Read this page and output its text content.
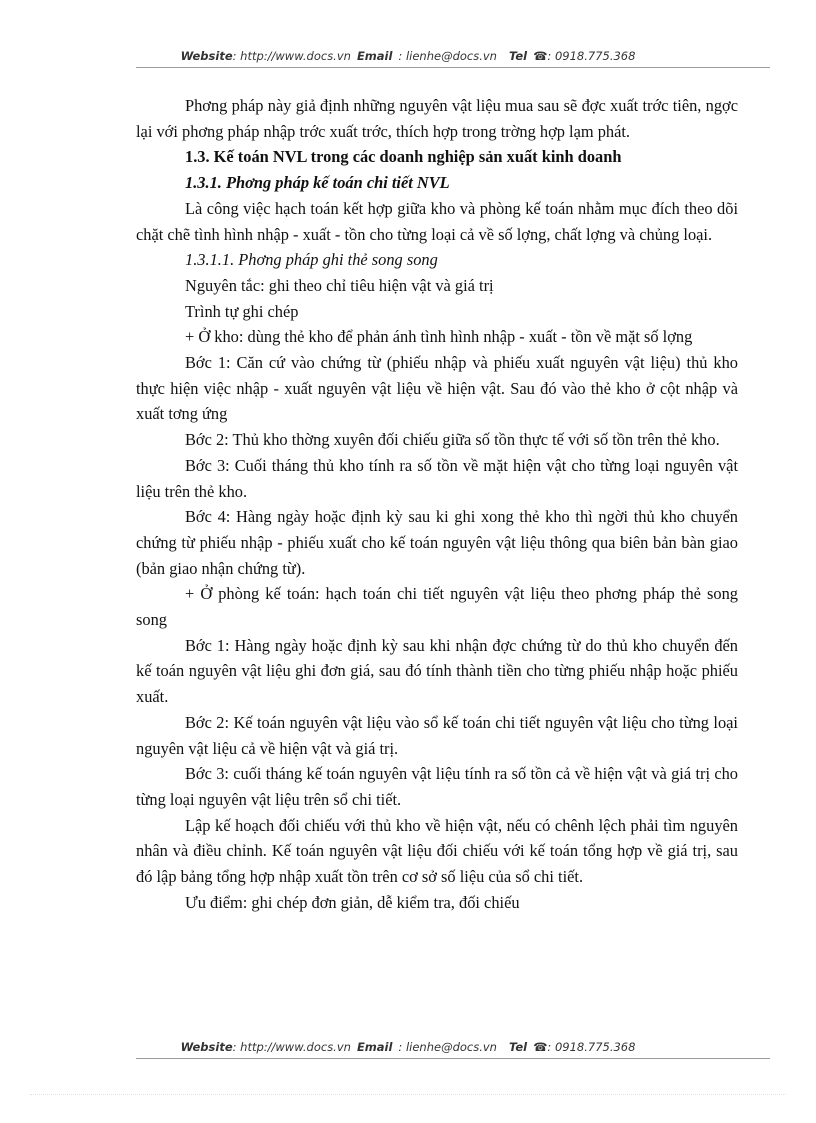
Website: http://www.docs.vn Email : lienhe@docs.vn Tel ☎: 0918.775.368

Phơng pháp này giả định những nguyên vật liệu mua sau sẽ đợc xuất trớc tiên, ngợc lại với phơng pháp nhập trớc xuất trớc, thích hợp trong trờng hợp lạm phát.

1.3. Kế toán NVL trong các doanh nghiệp sản xuất kinh doanh

1.3.1. Phơng pháp kế toán chi tiết NVL

Là công việc hạch toán kết hợp giữa kho và phòng kế toán nhằm mục đích theo dõi chặt chẽ tình hình nhập - xuất - tồn cho từng loại cả về số lợng, chất lợng và chủng loại.

1.3.1.1. Phơng pháp ghi thẻ song song

Nguyên tắc: ghi theo chỉ tiêu hiện vật và giá trị

Trình tự ghi chép

+ Ở kho: dùng thẻ kho để phản ánh tình hình nhập - xuất - tồn về mặt số lợng

Bớc 1: Căn cứ vào chứng từ (phiếu nhập và phiếu xuất nguyên vật liệu) thủ kho thực hiện việc nhập - xuất nguyên vật liệu về hiện vật. Sau đó vào thẻ kho ở cột nhập và xuất tơng ứng

Bớc 2: Thủ kho thờng xuyên đối chiếu giữa số tồn thực tế với số tồn trên thẻ kho.

Bớc 3: Cuối tháng thủ kho tính ra số tồn về mặt hiện vật cho từng loại nguyên vật liệu trên thẻ kho.

Bớc 4: Hàng ngày hoặc định kỳ sau ki ghi xong thẻ kho thì ngời thủ kho chuyển chứng từ phiếu nhập - phiếu xuất cho kế toán nguyên vật liệu thông qua biên bản bàn giao (bản giao nhận chứng từ).

+ Ở phòng kế toán: hạch toán chi tiết nguyên vật liệu theo phơng pháp thẻ song song

Bớc 1: Hàng ngày hoặc định kỳ sau khi nhận đợc chứng từ do thủ kho chuyển đến kế toán nguyên vật liệu ghi đơn giá, sau đó tính thành tiền cho từng phiếu nhập hoặc phiếu xuất.

Bớc 2: Kế toán nguyên vật liệu vào sổ kế toán chi tiết nguyên vật liệu cho từng loại nguyên vật liệu cả về hiện vật và giá trị.

Bớc 3: cuối tháng kế toán nguyên vật liệu tính ra số tồn cả về hiện vật và giá trị cho từng loại nguyên vật liệu trên sổ chi tiết.

Lập kế hoạch đối chiếu với thủ kho về hiện vật, nếu có chênh lệch phải tìm nguyên nhân và điều chỉnh. Kế toán nguyên vật liệu đối chiếu với kế toán tổng hợp về giá trị, sau đó lập bảng tổng hợp nhập xuất tồn trên cơ sở số liệu của sổ chi tiết.

Ưu điểm: ghi chép đơn giản, dễ kiểm tra, đối chiếu

Website: http://www.docs.vn Email : lienhe@docs.vn Tel ☎: 0918.775.368
